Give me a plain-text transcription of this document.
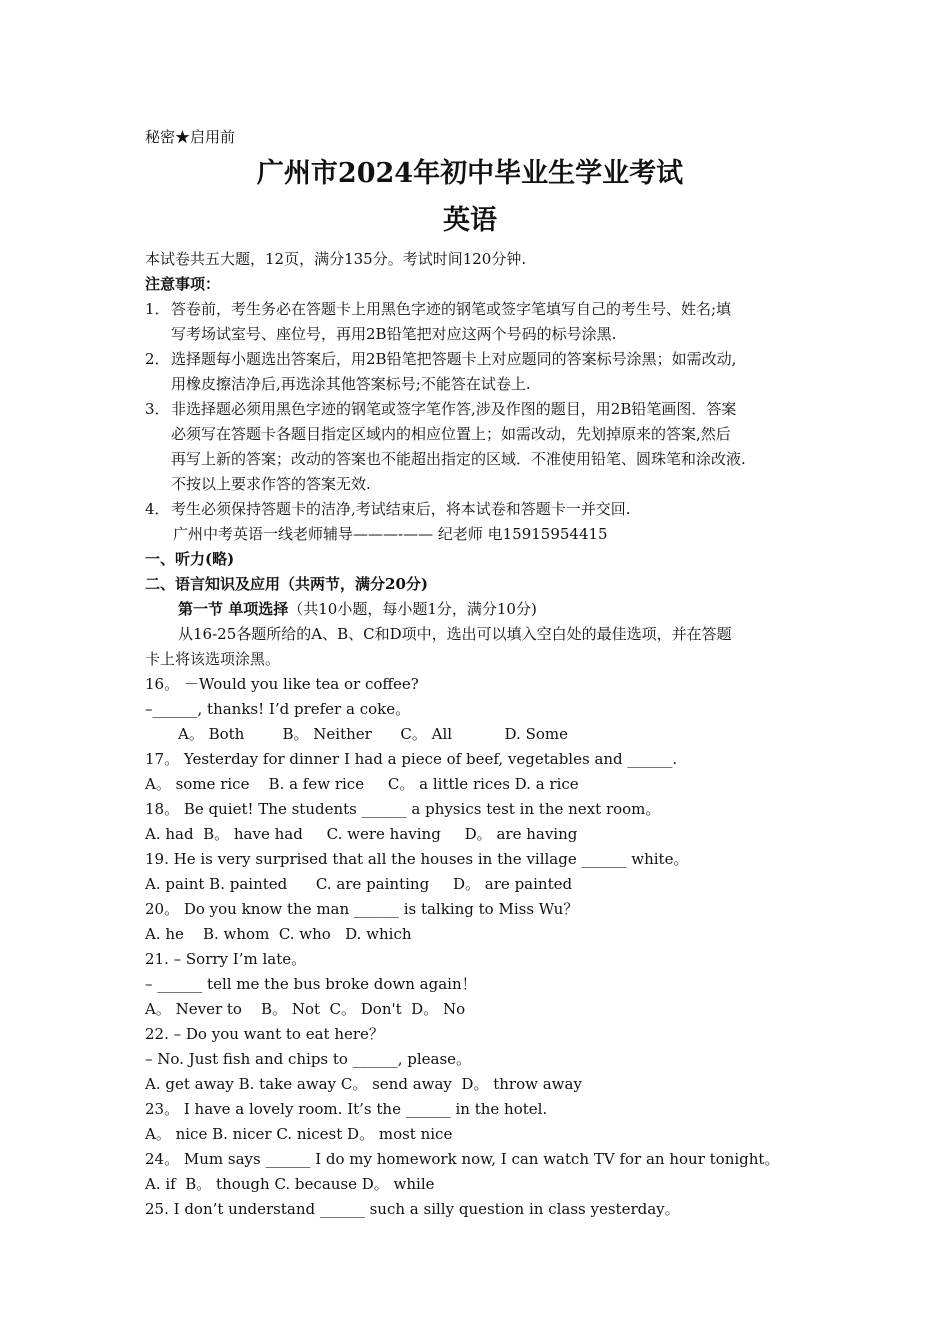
秘密★启用前
广州市2024年初中毕业生学业考试
英语
本试卷共五大题，12页，满分135分。考试时间120分钟.
注意事项：
1． 答卷前，考生务必在答题卡上用黑色字迹的钢笔或签字笔填写自己的考生号、姓名;填
写考场试室号、座位号，再用2B铅笔把对应这两个号码的标号涂黑.
2． 选择题每小题选出答案后，用2B铅笔把答题卡上对应题同的答案标号涂黑；如需改动,
用橡皮擦洁净后,再选涂其他答案标号;不能答在试卷上.
3． 非选择题必须用黑色字迹的钢笔或签字笔作答,涉及作图的题目，用2B铅笔画图．答案
必须写在答题卡各题目指定区域内的相应位置上；如需改动，先划掉原来的答案,然后
再写上新的答案；改动的答案也不能超出指定的区域．不准使用铅笔、圆珠笔和涂改液.
不按以上要求作答的答案无效.
4． 考生必须保持答题卡的洁净,考试结束后，将本试卷和答题卡一并交回.
广州中考英语一线老师辅导———-—— 纪老师 电15915954415
一、听力(略)
二、语言知识及应用（共两节，满分20分)
第一节 单项选择（共10小题，每小题1分，满分10分)
从16-25各题所给的A、B、C和D项中，选出可以填入空白处的最佳选项，并在答题
卡上将该选项涂黑。
16。 －Would you like tea or coffee?
–______, thanks! I’d prefer a coke。
A。 Both        B。 Neither      C。 All           D. Some
17。 Yesterday for dinner I had a piece of beef, vegetables and ______.
A。 some rice    B. a few rice     C。 a little rices D. a rice
18。 Be quiet! The students ______ a physics test in the next room。
A. had  B。 have had     C. were having     D。 are having
19. He is very surprised that all the houses in the village ______ white。
A. paint B. painted      C. are painting     D。 are painted
20。 Do you know the man ______ is talking to Miss Wu？
A. he    B. whom  C. who   D. which
21. – Sorry I’m late。
– ______ tell me the bus broke down again！
A。 Never to    B。 Not  C。 Don't  D。 No
22. – Do you want to eat here？
– No. Just fish and chips to ______, please。
A. get away B. take away C。 send away  D。 throw away
23。 I have a lovely room. It’s the ______ in the hotel.
A。 nice B. nicer C. nicest D。 most nice
24。 Mum says ______ I do my homework now, I can watch TV for an hour tonight。
A. if  B。 though C. because D。 while
25. I don’t understand ______ such a silly question in class yesterday。
